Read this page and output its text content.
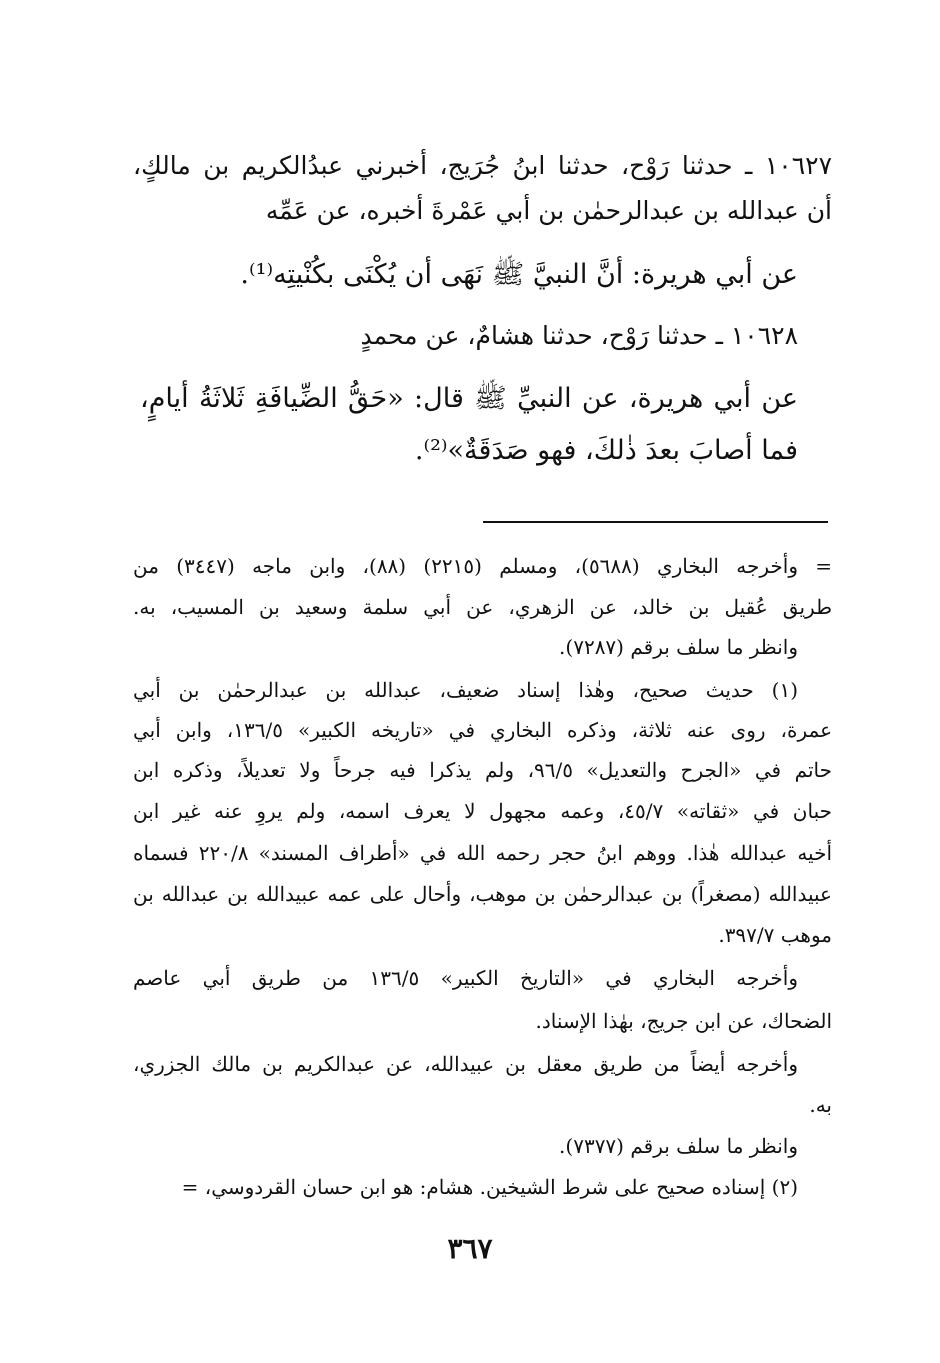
١٠٦٢٧ ـ حدثنا رَوْح، حدثنا ابنُ جُرَيج، أخبرني عبدُالكريم بن مالكٍ،
أن عبدالله بن عبدالرحمٰن بن أبي عَمْرةَ أخبره، عن عَمِّه
عن أبي هريرة: أنَّ النبيَّ ﷺ نَهَى أن يُكْنَى بكُنْيتِه⁽¹⁾.
١٠٦٢٨ ـ حدثنا رَوْح، حدثنا هشامٌ، عن محمدٍ
عن أبي هريرة، عن النبيِّ ﷺ قال: «حَقُّ الضِّيافَةِ ثَلاثَةُ أيامٍ،
فما أصابَ بعدَ ذٰلكَ، فهو صَدَقَةٌ»⁽²⁾.
= وأخرجه البخاري (٥٦٨٨)، ومسلم (٢٢١٥) (٨٨)، وابن ماجه (٣٤٤٧) من
طريق عُقيل بن خالد، عن الزهري، عن أبي سلمة وسعيد بن المسيب، به.
وانظر ما سلف برقم (٧٢٨٧).
(١) حديث صحيح، وهٰذا إسناد ضعيف، عبدالله بن عبدالرحمٰن بن أبي
عمرة، روى عنه ثلاثة، وذكره البخاري في «تاريخه الكبير» ١٣٦/٥، وابن أبي
حاتم في «الجرح والتعديل» ٩٦/٥، ولم يذكرا فيه جرحاً ولا تعديلاً، وذكره ابن
حبان في «ثقاته» ٤٥/٧، وعمه مجهول لا يعرف اسمه، ولم يروِ عنه غير ابن
أخيه عبدالله هٰذا. ووهم ابنُ حجر رحمه الله في «أطراف المسند» ٢٢٠/٨ فسماه
عبيدالله (مصغراً) بن عبدالرحمٰن بن موهب، وأحال على عمه عبيدالله بن عبدالله بن
موهب ٣٩٧/٧.
وأخرجه البخاري في «التاريخ الكبير» ١٣٦/٥ من طريق أبي عاصم
الضحاك، عن ابن جريج، بهٰذا الإسناد.
وأخرجه أيضاً من طريق معقل بن عبيدالله، عن عبدالكريم بن مالك الجزري،
به.
وانظر ما سلف برقم (٧٣٧٧).
(٢) إسناده صحيح على شرط الشيخين. هشام: هو ابن حسان القردوسي، =
٣٦٧
